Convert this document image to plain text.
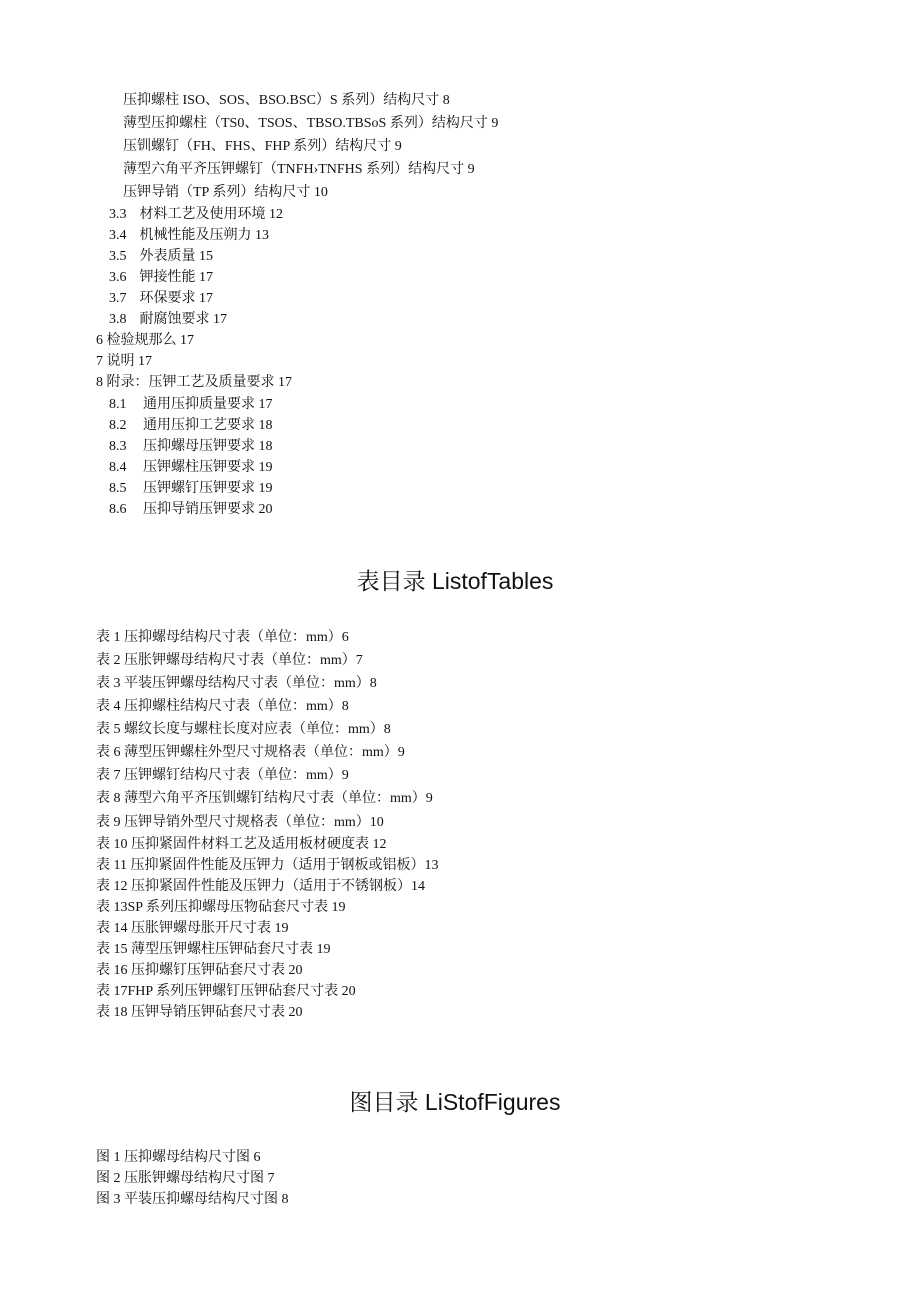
压抑螺柱 ISO、SOS、BSO.BSC）S 系列）结构尺寸 8
薄型压抑螺柱（TS0、TSOS、TBSO.TBSoS 系列）结构尺寸 9
压钏螺钉（FH、FHS、FHP 系列）结构尺寸 9
薄型六角平齐压钾螺钉（TNFH›TNFHS 系列）结构尺寸 9
压钾导销（TP 系列）结构尺寸 10
3.3 材料工艺及使用环境 12
3.4 机械性能及压朔力 13
3.5 外表质量 15
3.6 钾接性能 17
3.7 环保要求 17
3.8 耐腐蚀要求 17
6 检验规那么 17
7 说明 17
8 附录：压钾工艺及质量要求 17
8.1 通用压抑质量要求 17
8.2 通用压抑工艺要求 18
8.3 压抑螺母压钾要求 18
8.4 压钾螺柱压钾要求 19
8.5 压钾螺钉压钾要求 19
8.6 压抑导销压钾要求 20
表目录 ListofTables
表 1 压抑螺母结构尺寸表（单位：mm）6
表 2 压胀钾螺母结构尺寸表（单位：mm）7
表 3 平装压钾螺母结构尺寸表（单位：mm）8
表 4 压抑螺柱结构尺寸表（单位：mm）8
表 5 螺纹长度与螺柱长度对应表（单位：mm）8
表 6 薄型压钾螺柱外型尺寸规格表（单位：mm）9
表 7 压钾螺钉结构尺寸表（单位：mm）9
表 8 薄型六角平齐压钏螺钉结构尺寸表（单位：mm）9
表 9 压钾导销外型尺寸规格表（单位：mm）10
表 10 压抑紧固件材料工艺及适用板材硬度表 12
表 11 压抑紧固件性能及压钾力（适用于钢板或铝板）13
表 12 压抑紧固件性能及压钾力（适用于不锈钢板）14
表 13SP 系列压抑螺母压物砧套尺寸表 19
表 14 压胀钾螺母胀开尺寸表 19
表 15 薄型压钾螺柱压钾砧套尺寸表 19
表 16 压抑螺钉压钾砧套尺寸表 20
表 17FHP 系列压钾螺钉压钾砧套尺寸表 20
表 18 压钾导销压钾砧套尺寸表 20
图目录 LiStofFigures
图 1 压抑螺母结构尺寸图 6
图 2 压胀钾螺母结构尺寸图 7
图 3 平装压抑螺母结构尺寸图 8
